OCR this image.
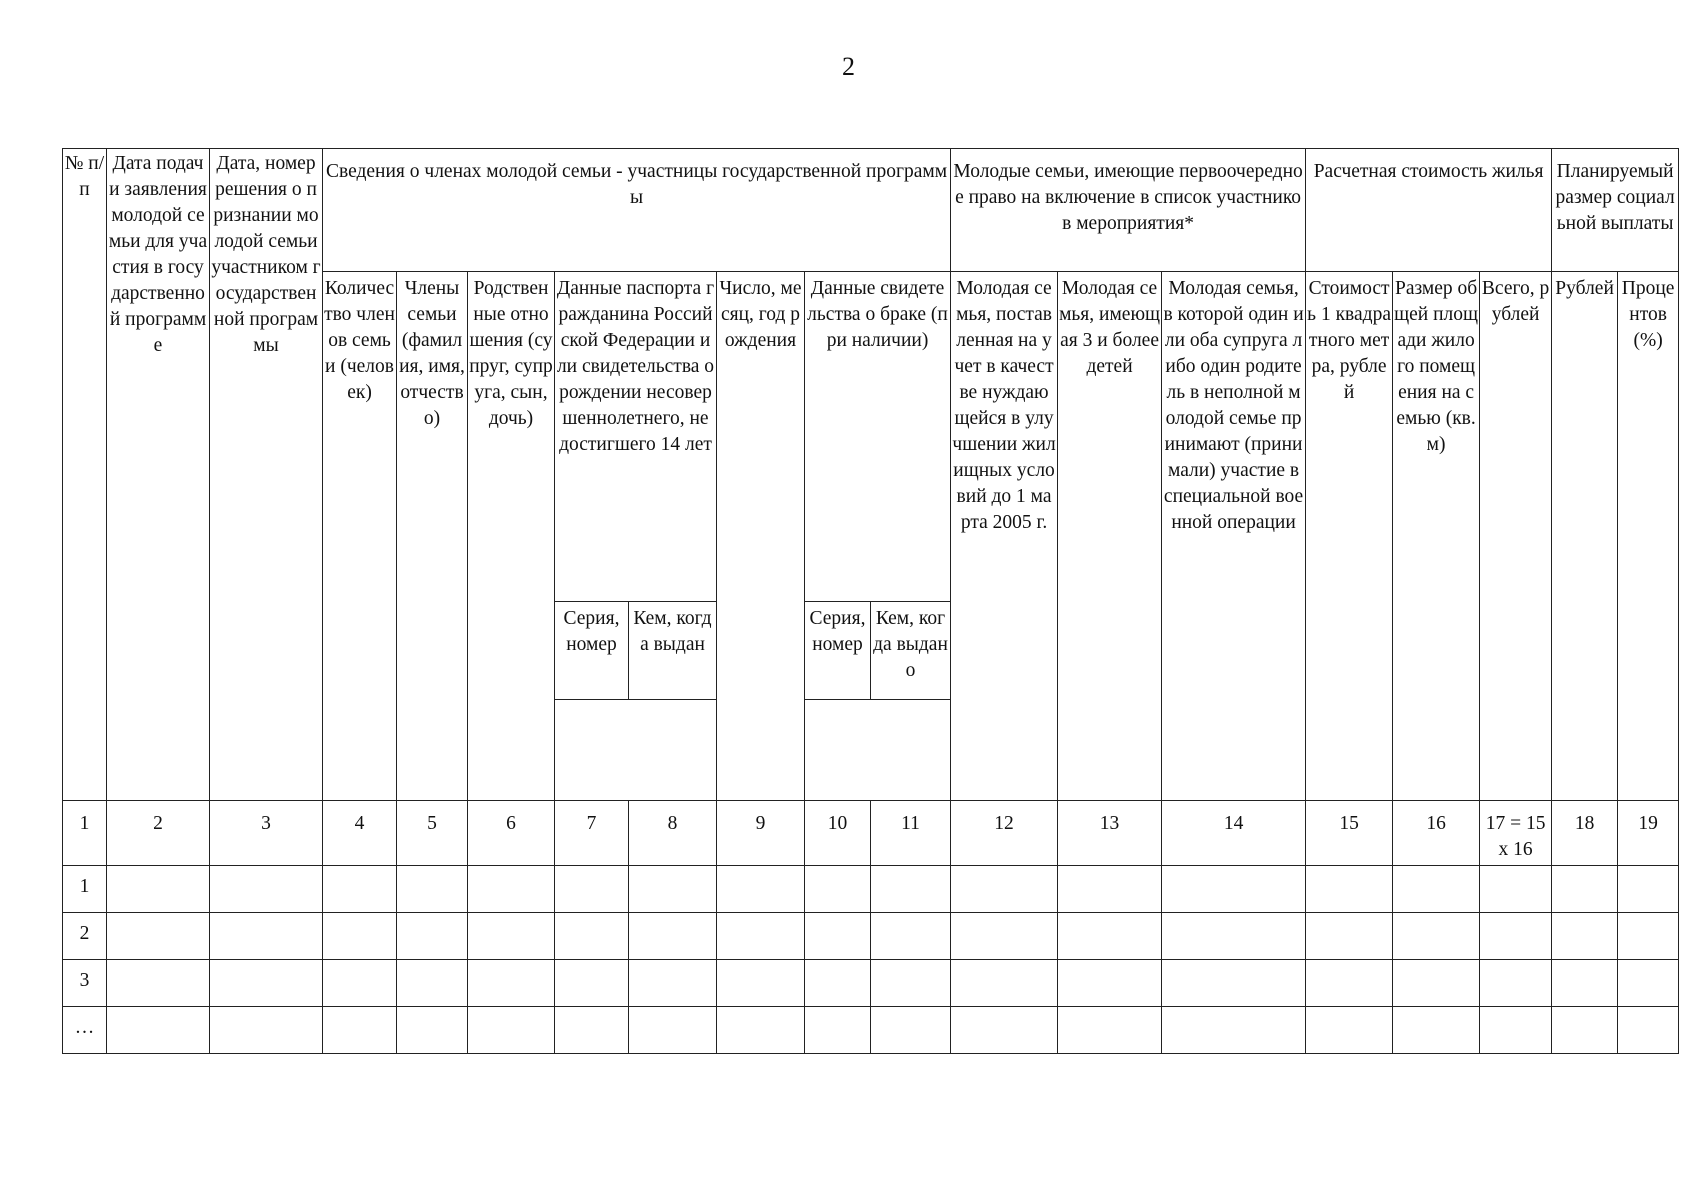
2
№ п/п	Дата подачи заявления молодой семьи для участия в государственной программе	Дата, номер решения о признании молодой семьи участником государственной программы	Сведения о членах молодой семьи - участницы государственной программы								Молодые семьи, имеющие первоочередное право на включение в список участников мероприятия*			Расчетная стоимость жилья			Планируемый размер социальной выплаты	
			Количество членов семьи (человек)	Члены семьи (фамилия, имя, отчество)	Родственные отношения (супруг, супруга, сын, дочь)	Данные паспорта гражданина Российской Федерации или свидетельства о рождении несовершеннолетнего, не достигшего 14 лет		Число, месяц, год рождения	Данные свидетельства о браке (при наличии)		Молодая семья, поставленная на учет в качестве нуждающейся в улучшении жилищных условий до 1 марта 2005 г.	Молодая семья, имеющая 3 и более детей	Молодая семья, в которой один или оба супруга либо один родитель в неполной молодой семье принимают (принимали) участие в специальной военной операции	Стоимость 1 квадратного метра, рублей	Размер общей площади жилого помещения на семью (кв.м)	Всего, рублей	Рублей	Процентов (%)
						Серия, номер	Кем, когда выдан		Серия, номер	Кем, когда выдано								

1	2	3	4	5	6	7	8	9	10	11	12	13	14	15	16	17 = 15 x 16	18	19
1																		
2																		
3																		
…																		
